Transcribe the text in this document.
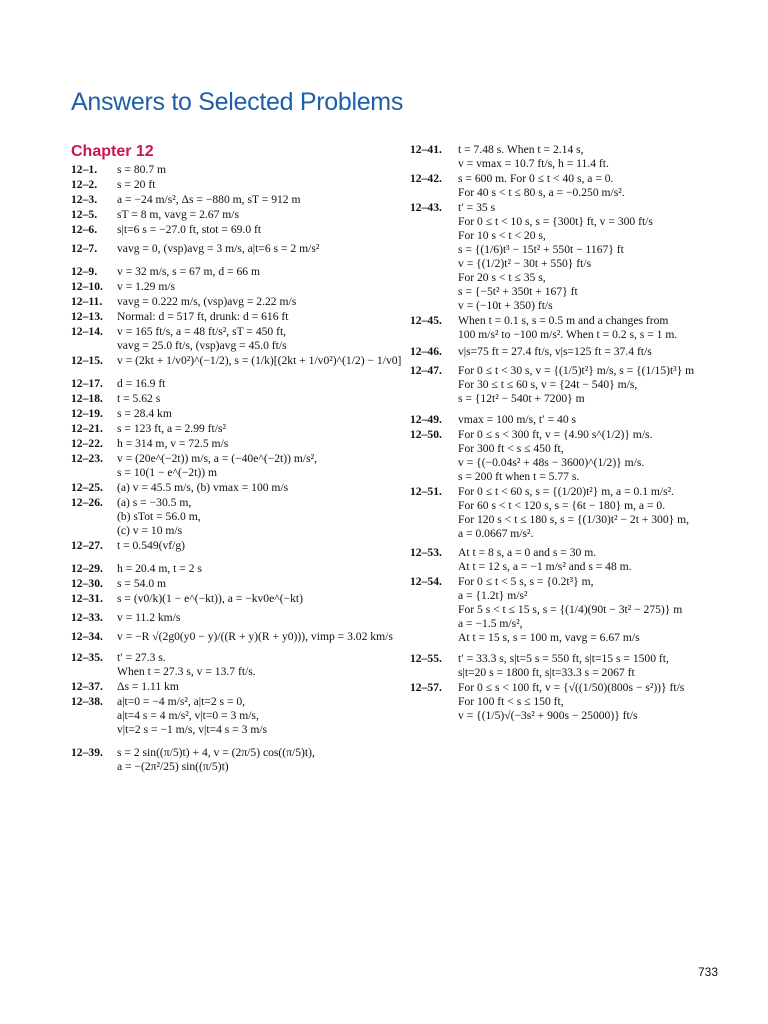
Answers to Selected Problems
Chapter 12
12–1.	s = 80.7 m
12–2.	s = 20 ft
12–3.	a = −24 m/s², Δs = −880 m, sT = 912 m
12–5.	sT = 8 m, vavg = 2.67 m/s
12–6.	s|t=6 s = −27.0 ft, stot = 69.0 ft
12–7.	vavg = 0, (vsp)avg = 3 m/s, a|t=6 s = 2 m/s²
12–9.	v = 32 m/s, s = 67 m, d = 66 m
12–10.	v = 1.29 m/s
12–11.	vavg = 0.222 m/s, (vsp)avg = 2.22 m/s
12–13.	Normal: d = 517 ft, drunk: d = 616 ft
12–14.	v = 165 ft/s, a = 48 ft/s², sT = 450 ft,
vavg = 25.0 ft/s, (vsp)avg = 45.0 ft/s
12–15.	v = (2kt + 1/v0²)^(−1/2), s = (1/k)[(2kt + 1/v0²)^(1/2) − 1/v0]
12–17.	d = 16.9 ft
12–18.	t = 5.62 s
12–19.	s = 28.4 km
12–21.	s = 123 ft, a = 2.99 ft/s²
12–22.	h = 314 m, v = 72.5 m/s
12–23.	v = (20e^(−2t)) m/s, a = (−40e^(−2t)) m/s²,
s = 10(1 − e^(−2t)) m
12–25.	(a) v = 45.5 m/s, (b) vmax = 100 m/s
12–26.	(a) s = −30.5 m,
(b) sTot = 56.0 m,
(c) v = 10 m/s
12–27.	t = 0.549(vf/g)
12–29.	h = 20.4 m, t = 2 s
12–30.	s = 54.0 m
12–31.	s = (v0/k)(1 − e^(−kt)), a = −kv0e^(−kt)
12–33.	v = 11.2 km/s
12–34.	v = −R √(2g0(y0 − y)/((R + y)(R + y0))), vimp = 3.02 km/s
12–35.	t′ = 27.3 s.
When t = 27.3 s, v = 13.7 ft/s.
12–37.	Δs = 1.11 km
12–38.	a|t=0 = −4 m/s², a|t=2 s = 0,
a|t=4 s = 4 m/s², v|t=0 = 3 m/s,
v|t=2 s = −1 m/s, v|t=4 s = 3 m/s
12–39.	s = 2 sin((π/5)t) + 4, v = (2π/5) cos((π/5)t),
a = −(2π²/25) sin((π/5)t)
12–41.	t = 7.48 s. When t = 2.14 s,
v = vmax = 10.7 ft/s, h = 11.4 ft.
12–42.	s = 600 m. For 0 ≤ t < 40 s, a = 0.
For 40 s < t ≤ 80 s, a = −0.250 m/s².
12–43.	t′ = 35 s
For 0 ≤ t < 10 s, s = {300t} ft, v = 300 ft/s
For 10 s < t < 20 s,
s = {(1/6)t³ − 15t² + 550t − 1167} ft
v = {(1/2)t² − 30t + 550} ft/s
For 20 s < t ≤ 35 s,
s = {−5t² + 350t + 167} ft
v = (−10t + 350) ft/s
12–45.	When t = 0.1 s, s = 0.5 m and a changes from
100 m/s² to −100 m/s². When t = 0.2 s, s = 1 m.
12–46.	v|s=75 ft = 27.4 ft/s, v|s=125 ft = 37.4 ft/s
12–47.	For 0 ≤ t < 30 s, v = {(1/5)t²} m/s, s = {(1/15)t³} m
For 30 ≤ t ≤ 60 s, v = {24t − 540} m/s,
s = {12t² − 540t + 7200} m
12–49.	vmax = 100 m/s, t′ = 40 s
12–50.	For 0 ≤ s < 300 ft, v = {4.90 s^(1/2)} m/s.
For 300 ft < s ≤ 450 ft,
v = {(−0.04s² + 48s − 3600)^(1/2)} m/s.
s = 200 ft when t = 5.77 s.
12–51.	For 0 ≤ t < 60 s, s = {(1/20)t²} m, a = 0.1 m/s².
For 60 s < t < 120 s, s = {6t − 180} m, a = 0.
For 120 s < t ≤ 180 s, s = {(1/30)t² − 2t + 300} m,
a = 0.0667 m/s².
12–53.	At t = 8 s, a = 0 and s = 30 m.
At t = 12 s, a = −1 m/s² and s = 48 m.
12–54.	For 0 ≤ t < 5 s, s = {0.2t³} m,
a = {1.2t} m/s²
For 5 s < t ≤ 15 s, s = {(1/4)(90t − 3t² − 275)} m
a = −1.5 m/s²,
At t = 15 s, s = 100 m, vavg = 6.67 m/s
12–55.	t′ = 33.3 s, s|t=5 s = 550 ft, s|t=15 s = 1500 ft,
s|t=20 s = 1800 ft, s|t=33.3 s = 2067 ft
12–57.	For 0 ≤ s < 100 ft, v = {√((1/50)(800s − s²))} ft/s
For 100 ft < s ≤ 150 ft,
v = {(1/5)√(−3s² + 900s − 25000)} ft/s
733
